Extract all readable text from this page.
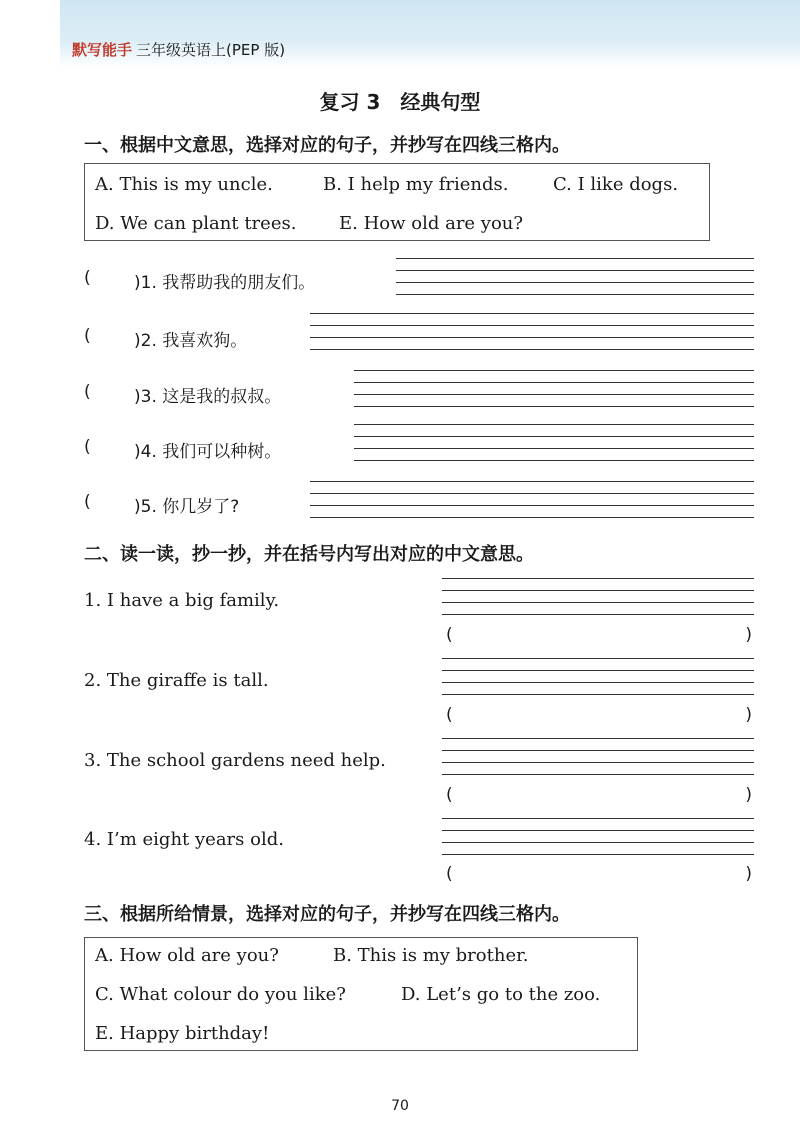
默写能手 三年级英语上(PEP 版)
复习 3　经典句型
一、根据中文意思，选择对应的句子，并抄写在四线三格内。
A. This is my uncle.	B. I help my friends. C. I like dogs.
D. We can plant trees. E. How old are you?
(	)1. 我帮助我的朋友们。
(	)2. 我喜欢狗。
(	)3. 这是我的叔叔。
(	)4. 我们可以种树。
(	)5. 你几岁了?
二、读一读，抄一抄，并在括号内写出对应的中文意思。
1. I have a big family.
(	)
2. The giraffe is tall.
(	)
3. The school gardens need help.
(	)
4. I’m eight years old.
(	)
三、根据所给情景，选择对应的句子，并抄写在四线三格内。
A. How old are you?	B. This is my brother.
C. What colour do you like?	D. Let’s go to the zoo.
E. Happy birthday!
70
